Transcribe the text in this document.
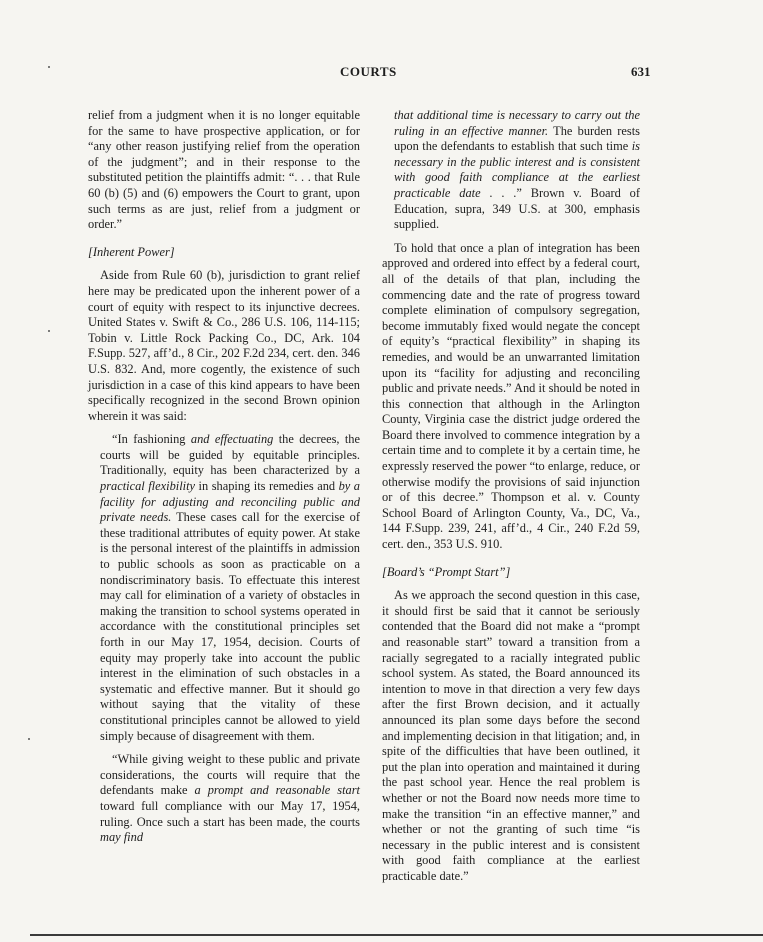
COURTS	631

relief from a judgment when it is no longer equitable for the same to have prospective application, or for “any other reason justifying relief from the operation of the judgment”; and in their response to the substituted petition the plaintiffs admit: “. . . that Rule 60 (b) (5) and (6) empowers the Court to grant, upon such terms as are just, relief from a judgment or order.”

[Inherent Power]

Aside from Rule 60 (b), jurisdiction to grant relief here may be predicated upon the inherent power of a court of equity with respect to its injunctive decrees. United States v. Swift & Co., 286 U.S. 106, 114-115; Tobin v. Little Rock Packing Co., DC, Ark. 104 F.Supp. 527, aff’d., 8 Cir., 202 F.2d 234, cert. den. 346 U.S. 832. And, more cogently, the existence of such jurisdiction in a case of this kind appears to have been specifically recognized in the second Brown opinion wherein it was said:

“In fashioning and effectuating the decrees, the courts will be guided by equitable principles. Traditionally, equity has been characterized by a practical flexibility in shaping its remedies and by a facility for adjusting and reconciling public and private needs. These cases call for the exercise of these traditional attributes of equity power. At stake is the personal interest of the plaintiffs in admission to public schools as soon as practicable on a nondiscriminatory basis. To effectuate this interest may call for elimination of a variety of obstacles in making the transition to school systems operated in accordance with the constitutional principles set forth in our May 17, 1954, decision. Courts of equity may properly take into account the public interest in the elimination of such obstacles in a systematic and effective manner. But it should go without saying that the vitality of these constitutional principles cannot be allowed to yield simply because of disagreement with them.

“While giving weight to these public and private considerations, the courts will require that the defendants make a prompt and reasonable start toward full compliance with our May 17, 1954, ruling. Once such a start has been made, the courts may find

that additional time is necessary to carry out the ruling in an effective manner. The burden rests upon the defendants to establish that such time is necessary in the public interest and is consistent with good faith compliance at the earliest practicable date . . .” Brown v. Board of Education, supra, 349 U.S. at 300, emphasis supplied.

To hold that once a plan of integration has been approved and ordered into effect by a federal court, all of the details of that plan, including the commencing date and the rate of progress toward complete elimination of compulsory segregation, become immutably fixed would negate the concept of equity’s “practical flexibility” in shaping its remedies, and would be an unwarranted limitation upon its “facility for adjusting and reconciling public and private needs.” And it should be noted in this connection that although in the Arlington County, Virginia case the district judge ordered the Board there involved to commence integration by a certain time and to complete it by a certain time, he expressly reserved the power “to enlarge, reduce, or otherwise modify the provisions of said injunction or of this decree.” Thompson et al. v. County School Board of Arlington County, Va., DC, Va., 144 F.Supp. 239, 241, aff’d., 4 Cir., 240 F.2d 59, cert. den., 353 U.S. 910.

[Board’s “Prompt Start”]

As we approach the second question in this case, it should first be said that it cannot be seriously contended that the Board did not make a “prompt and reasonable start” toward a transition from a racially segregated to a racially integrated public school system. As stated, the Board announced its intention to move in that direction a very few days after the first Brown decision, and it actually announced its plan some days before the second and implementing decision in that litigation; and, in spite of the difficulties that have been outlined, it put the plan into operation and maintained it during the past school year. Hence the real problem is whether or not the Board now needs more time to make the transition “in an effective manner,” and whether or not the granting of such time “is necessary in the public interest and is consistent with good faith compliance at the earliest practicable date.”
